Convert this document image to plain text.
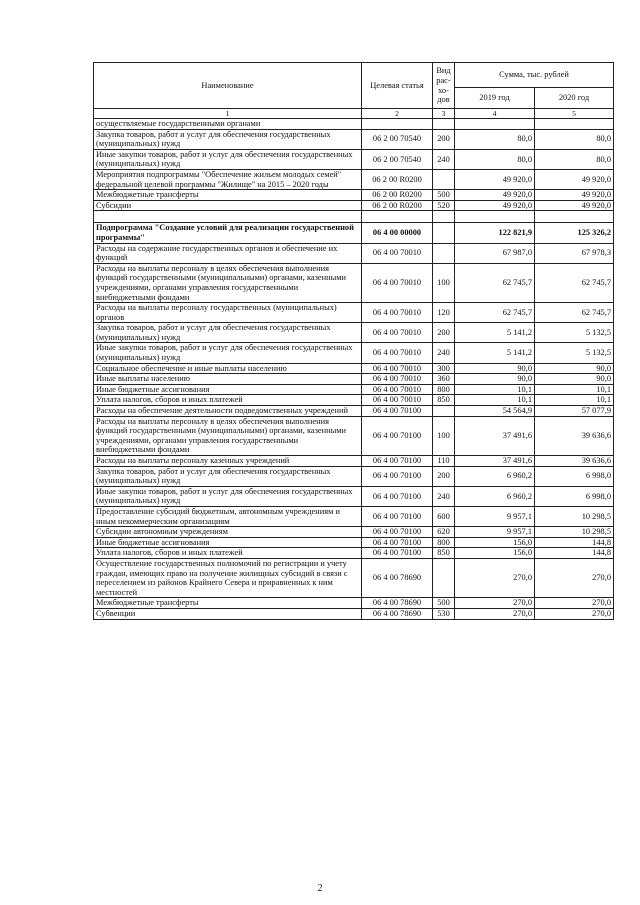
Наименование	Целевая статья	Вид рас-хо-дов	Сумма, тыс. рублей	
			2019 год	2020 год
1	2	3	4	5
осуществляемые государственными органами				
Закупка товаров, работ и услуг для обеспечения государственных (муниципальных) нужд	06 2 00 70540	200	80,0	80,0
Иные закупки товаров, работ и услуг для обеспечения государственных (муниципальных) нужд	06 2 00 70540	240	80,0	80,0
Мероприятия подпрограммы "Обеспечение жильем молодых семей" федеральной целевой программы "Жилище" на 2015 – 2020 годы	06 2 00 R0200		49 920,0	49 920,0
Межбюджетные трансферты	06 2 00 R0200	500	49 920,0	49 920,0
Субсидии	06 2 00 R0200	520	49 920,0	49 920,0

Подпрограмма "Создание условий для реализации государственной программы"	06 4 00 00000		122 821,9	125 326,2
Расходы на содержание государственных органов и обеспечение их функций	06 4 00 70010		67 987,0	67 978,3
Расходы на выплаты персоналу в целях обеспечения выполнения функций государственными (муниципальными) органами, казенными учреждениями, органами управления государственными внебюджетными фондами	06 4 00 70010	100	62 745,7	62 745,7
Расходы на выплаты персоналу государственных (муниципальных) органов	06 4 00 70010	120	62 745,7	62 745,7
Закупка товаров, работ и услуг для обеспечения государственных (муниципальных) нужд	06 4 00 70010	200	5 141,2	5 132,5
Иные закупки товаров, работ и услуг для обеспечения государственных (муниципальных) нужд	06 4 00 70010	240	5 141,2	5 132,5
Социальное обеспечение и иные выплаты населению	06 4 00 70010	300	90,0	90,0
Иные выплаты населению	06 4 00 70010	360	90,0	90,0
Иные бюджетные ассигнования	06 4 00 70010	800	10,1	10,1
Уплата налогов, сборов и иных платежей	06 4 00 70010	850	10,1	10,1
Расходы на обеспечение деятельности подведомственных учреждений	06 4 00 70100		54 564,9	57 077,9
Расходы на выплаты персоналу в целях обеспечения выполнения функций государственными (муниципальными) органами, казенными учреждениями, органами управления государственными внебюджетными фондами	06 4 00 70100	100	37 491,6	39 636,6
Расходы на выплаты персоналу казенных учреждений	06 4 00 70100	110	37 491,6	39 636,6
Закупка товаров, работ и услуг для обеспечения государственных (муниципальных) нужд	06 4 00 70100	200	6 960,2	6 998,0
Иные закупки товаров, работ и услуг для обеспечения государственных (муниципальных) нужд	06 4 00 70100	240	6 960,2	6 998,0
Предоставление субсидий бюджетным, автономным учреждениям и иным некоммерческим организациям	06 4 00 70100	600	9 957,1	10 298,5
Субсидии автономным учреждениям	06 4 00 70100	620	9 957,1	10 298,5
Иные бюджетные ассигнования	06 4 00 70100	800	156,0	144,8
Уплата налогов, сборов и иных платежей	06 4 00 70100	850	156,0	144,8
Осуществление государственных полномочий по регистрации и учету граждан, имеющих право на получение жилищных субсидий в связи с переселением из районов Крайнего Севера и приравненных к ним местностей	06 4 00 78690		270,0	270,0
Межбюджетные трансферты	06 4 00 78690	500	270,0	270,0
Субвенции	06 4 00 78690	530	270,0	270,0
2
